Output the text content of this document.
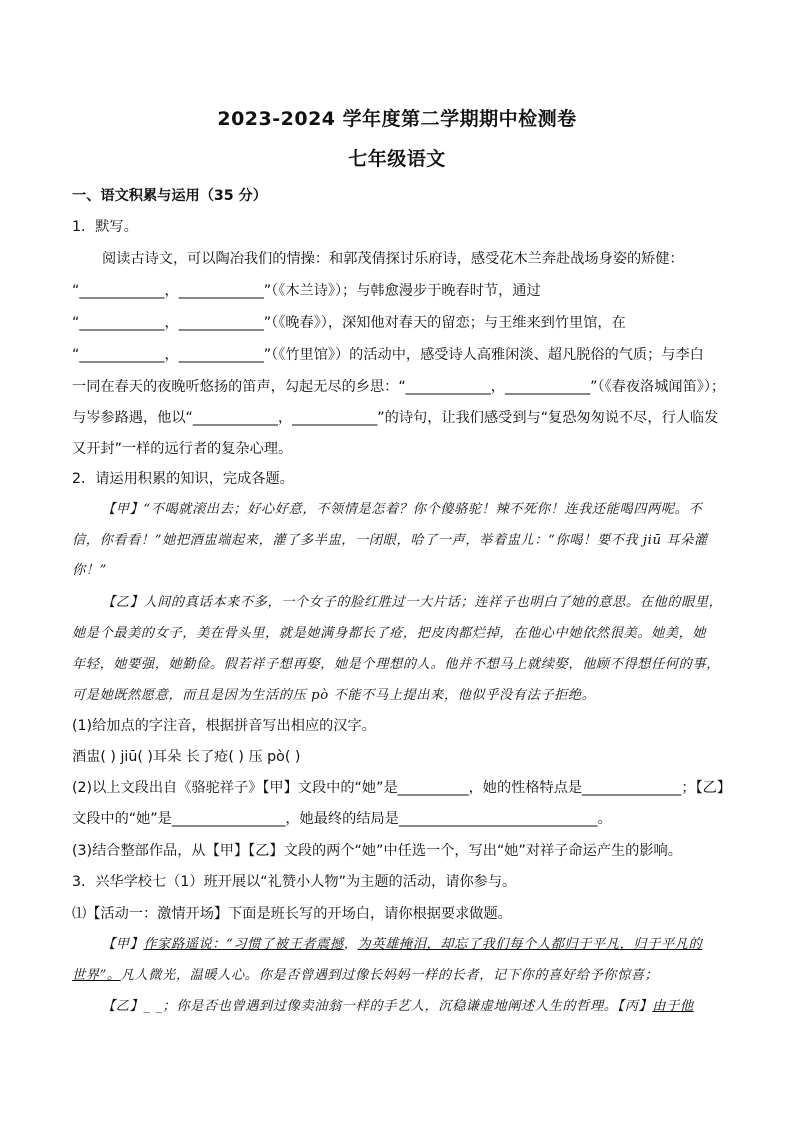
2023-2024 学年度第二学期期中检测卷
七年级语文
一、语文积累与运用（35 分）
1．默写。
阅读古诗文，可以陶冶我们的情操：和郭茂倩探讨乐府诗，感受花木兰奔赴战场身姿的矫健：
“____________，____________”（《木兰诗》）；与韩愈漫步于晚春时节，通过
“____________，____________”（《晚春》），深知他对春天的留恋；与王维来到竹里馆，在
“____________，____________”（《竹里馆》）的活动中，感受诗人高雅闲淡、超凡脱俗的气质；与李白
一同在春天的夜晚听悠扬的笛声，勾起无尽的乡思：“____________，____________”（《春夜洛城闻笛》）；
与岑参路遇，他以“____________，____________”的诗句，让我们感受到与“复恐匆匆说不尽，行人临发
又开封”一样的远行者的复杂心理。
2．请运用积累的知识，完成各题。
【甲】“不喝就滚出去；好心好意，不领情是怎着？你个傻骆驼！辣不死你！连我还能喝四两呢。不
信，你看看！”她把酒盅端起来，灌了多半盅，一闭眼，哈了一声，举着盅儿：“你喝！要不我 jiū 耳朵灌
你！”
【乙】人间的真话本来不多，一个女子的脸红胜过一大片话；连祥子也明白了她的意思。在他的眼里，
她是个最美的女子，美在骨头里，就是她满身都长了疮，把皮肉都烂掉，在他心中她依然很美。她美，她
年轻，她要强，她勤俭。假若祥子想再娶，她是个理想的人。他并不想马上就续娶，他顾不得想任何的事，
可是她既然愿意，而且是因为生活的压 pò 不能不马上提出来，他似乎没有法子拒绝。
(1)给加点的字注音，根据拼音写出相应的汉字。
酒盅( ) jiū( )耳朵 长了疮( ) 压 pò( )
(2)以上文段出自《骆驼祥子》【甲】文段中的“她”是__________，她的性格特点是______________；【乙】
文段中的“她”是________________，她最终的结局是____________________________。
(3)结合整部作品，从【甲】【乙】文段的两个“她”中任选一个，写出“她”对祥子命运产生的影响。
3．兴华学校七（1）班开展以“礼赞小人物”为主题的活动，请你参与。
⑴【活动一：激情开场】下面是班长写的开场白，请你根据要求做题。
【甲】作家路遥说：“习惯了被王者震撼，为英雄掩泪，却忘了我们每个人都归于平凡，归于平凡的
世界”。凡人微光，温暖人心。你是否曾遇到过像长妈妈一样的长者，记下你的喜好给予你惊喜；
【乙】_ _；你是否也曾遇到过像卖油翁一样的手艺人，沉稳谦虚地阐述人生的哲理。【丙】由于他
